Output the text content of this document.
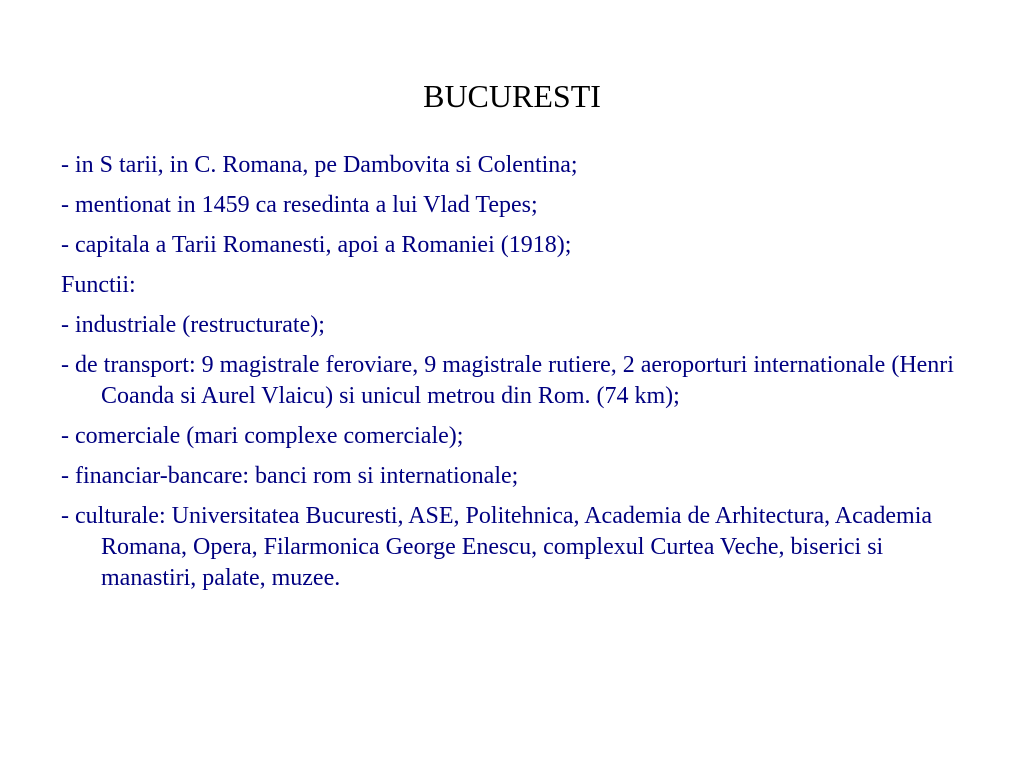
BUCURESTI
- in S tarii, in C. Romana, pe Dambovita si Colentina;
- mentionat in 1459 ca resedinta a lui Vlad Tepes;
- capitala a Tarii Romanesti, apoi a Romaniei (1918);
Functii:
- industriale (restructurate);
- de transport: 9 magistrale feroviare, 9 magistrale rutiere, 2 aeroporturi internationale (Henri Coanda si Aurel Vlaicu) si unicul metrou din Rom. (74 km);
- comerciale (mari complexe comerciale);
- financiar-bancare: banci rom si internationale;
- culturale: Universitatea Bucuresti, ASE, Politehnica, Academia de Arhitectura, Academia Romana, Opera, Filarmonica George Enescu, complexul Curtea Veche, biserici si manastiri, palate, muzee.
